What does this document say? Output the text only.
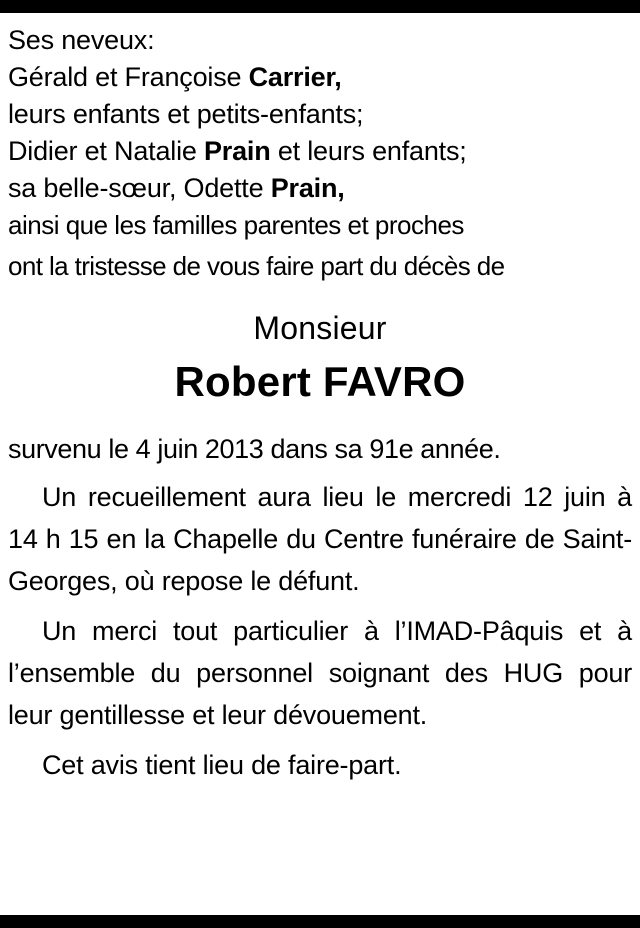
Ses neveux:
Gérald et Françoise Carrier,
leurs enfants et petits-enfants;
Didier et Natalie Prain et leurs enfants;
sa belle-sœur, Odette Prain,
ainsi que les familles parentes et proches
ont la tristesse de vous faire part du décès de
Monsieur
Robert FAVRO
survenu le 4 juin 2013 dans sa 91e année.

Un recueillement aura lieu le mercredi 12 juin à 14 h 15 en la Chapelle du Centre funéraire de Saint-Georges, où repose le défunt.

Un merci tout particulier à l’IMAD-Pâquis et à l’ensemble du personnel soignant des HUG pour leur gentillesse et leur dévouement.

Cet avis tient lieu de faire-part.
